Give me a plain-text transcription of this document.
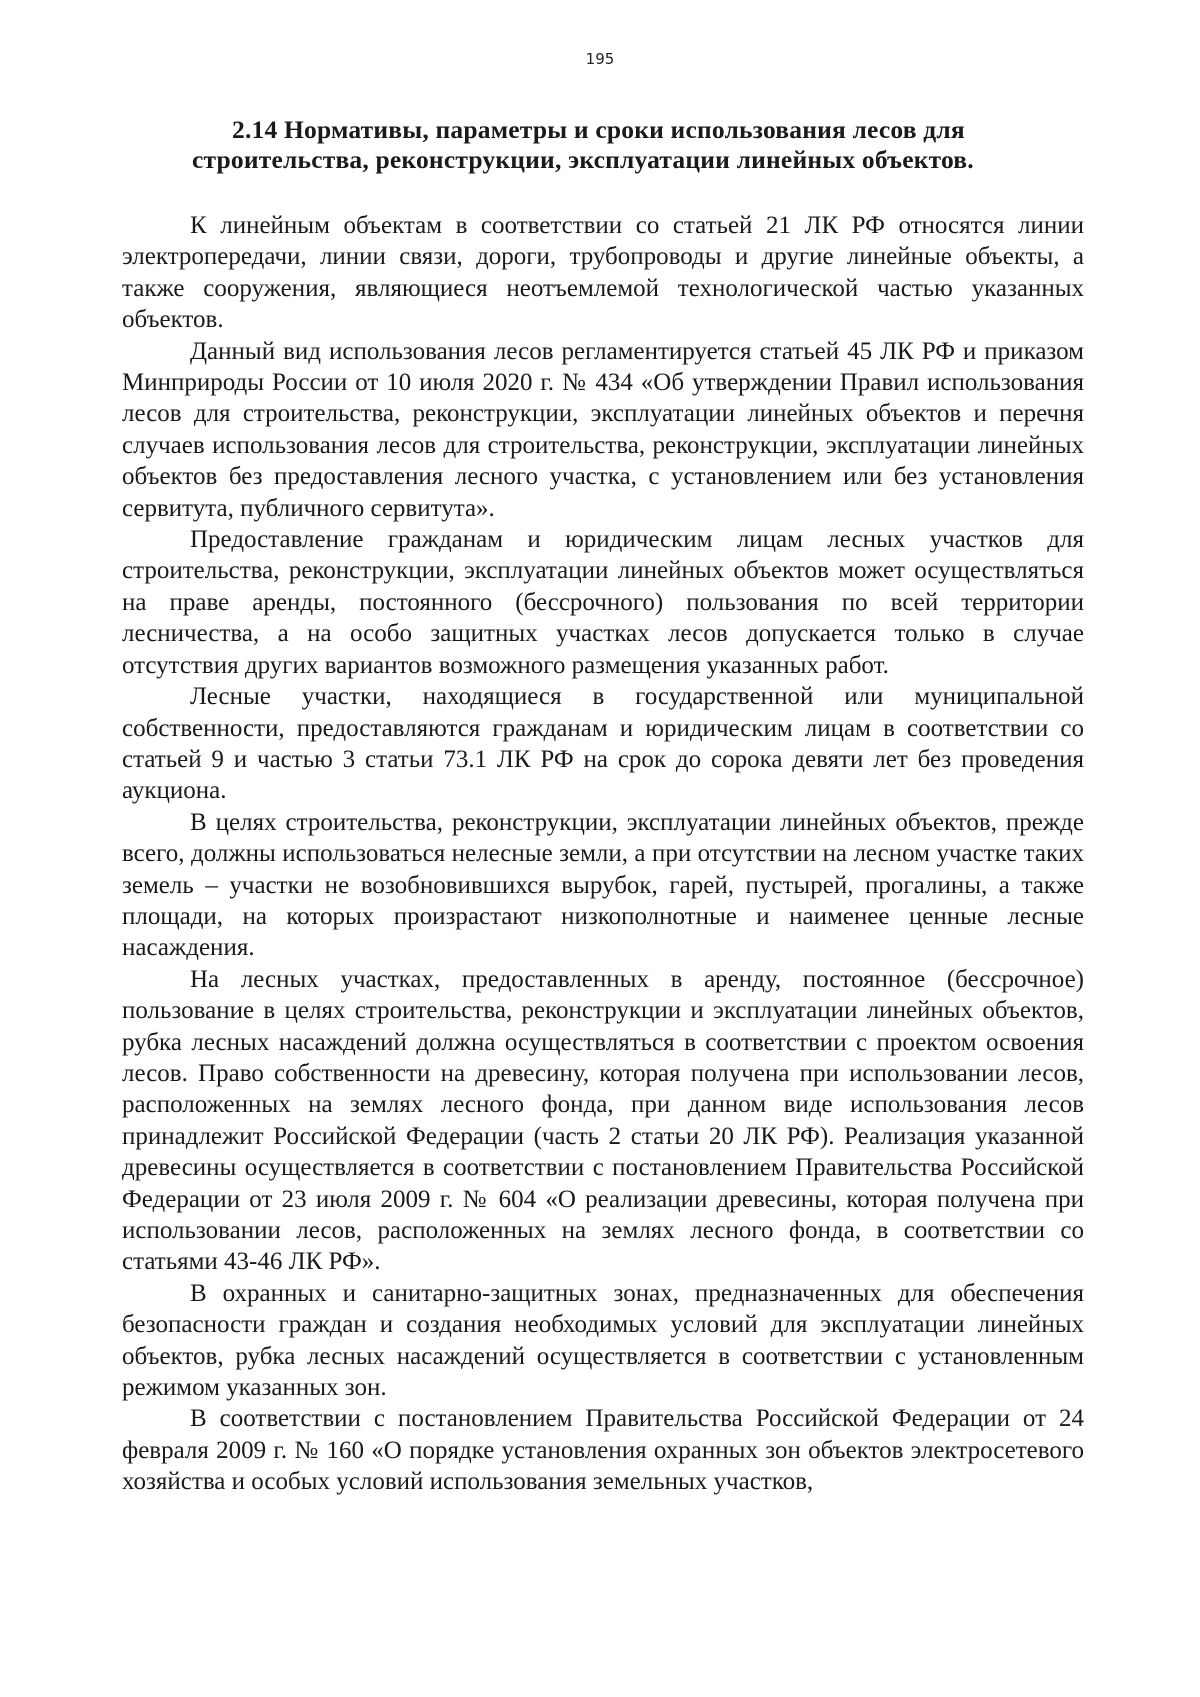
195
2.14 Нормативы, параметры и сроки использования лесов для
строительства, реконструкции, эксплуатации линейных объектов.

К линейным объектам в соответствии со статьей 21 ЛК РФ относятся линии электропередачи, линии связи, дороги, трубопроводы и другие линейные объекты, а также сооружения, являющиеся неотъемлемой технологической частью указанных объектов.

Данный вид использования лесов регламентируется статьей 45 ЛК РФ и приказом Минприроды России от 10 июля 2020 г. № 434 «Об утверждении Правил использования лесов для строительства, реконструкции, эксплуатации линейных объектов и перечня случаев использования лесов для строительства, реконструкции, эксплуатации линейных объектов без предоставления лесного участка, с установлением или без установления сервитута, публичного сервитута».

Предоставление гражданам и юридическим лицам лесных участков для строительства, реконструкции, эксплуатации линейных объектов может осуществляться на праве аренды, постоянного (бессрочного) пользования по всей территории лесничества, а на особо защитных участках лесов допускается только в случае отсутствия других вариантов возможного размещения указанных работ.

Лесные участки, находящиеся в государственной или муниципальной собственности, предоставляются гражданам и юридическим лицам в соответствии со статьей 9 и частью 3 статьи 73.1 ЛК РФ на срок до сорока девяти лет без проведения аукциона.

В целях строительства, реконструкции, эксплуатации линейных объектов, прежде всего, должны использоваться нелесные земли, а при отсутствии на лесном участке таких земель – участки не возобновившихся вырубок, гарей, пустырей, прогалины, а также площади, на которых произрастают низкополнотные и наименее ценные лесные насаждения.

На лесных участках, предоставленных в аренду, постоянное (бессрочное) пользование в целях строительства, реконструкции и эксплуатации линейных объектов, рубка лесных насаждений должна осуществляться в соответствии с проектом освоения лесов. Право собственности на древесину, которая получена при использовании лесов, расположенных на землях лесного фонда, при данном виде использования лесов принадлежит Российской Федерации (часть 2 статьи 20 ЛК РФ). Реализация указанной древесины осуществляется в соответствии с постановлением Правительства Российской Федерации от 23 июля 2009 г. № 604 «О реализации древесины, которая получена при использовании лесов, расположенных на землях лесного фонда, в соответствии со статьями 43-46 ЛК РФ».

В охранных и санитарно-защитных зонах, предназначенных для обеспечения безопасности граждан и создания необходимых условий для эксплуатации линейных объектов, рубка лесных насаждений осуществляется в соответствии с установленным режимом указанных зон.

В соответствии с постановлением Правительства Российской Федерации от 24 февраля 2009 г. № 160 «О порядке установления охранных зон объектов электросетевого хозяйства и особых условий использования земельных участков,
